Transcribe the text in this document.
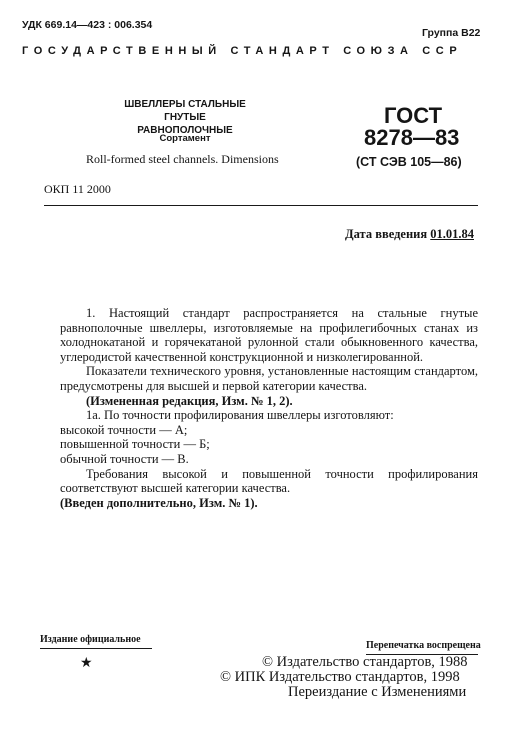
УДК 669.14—423 : 006.354
Группа В22
ГОСУДАРСТВЕННЫЙ СТАНДАРТ СОЮЗА ССР
ШВЕЛЛЕРЫ СТАЛЬНЫЕ
ГНУТЫЕ РАВНОПОЛОЧНЫЕ
Сортамент
Roll-formed steel channels. Dimensions
ГОСТ
8278—83
(СТ СЭВ 105—86)
ОКП 11 2000
Дата введения 01.01.84

1. Настоящий стандарт распространяется на стальные гнутые равнополочные швеллеры, изготовляемые на профилегибочных станах из холоднокатаной и горячекатаной рулонной стали обыкновенного качества, углеродистой качественной конструкционной и низколегированной.

Показатели технического уровня, установленные настоящим стандартом, предусмотрены для высшей и первой категории качества.

(Измененная редакция, Изм. № 1, 2).

1а. По точности профилирования швеллеры изготовляют:

высокой точности — А;

повышенной точности — Б;

обычной точности — В.

Требования высокой и повышенной точности профилирования соответствуют высшей категории качества.

(Введен дополнительно, Изм. № 1).

Издание официальное
Перепечатка воспрещена
★	© Издательство стандартов, 1988
© ИПК Издательство стандартов, 1998
Переиздание с Изменениями
